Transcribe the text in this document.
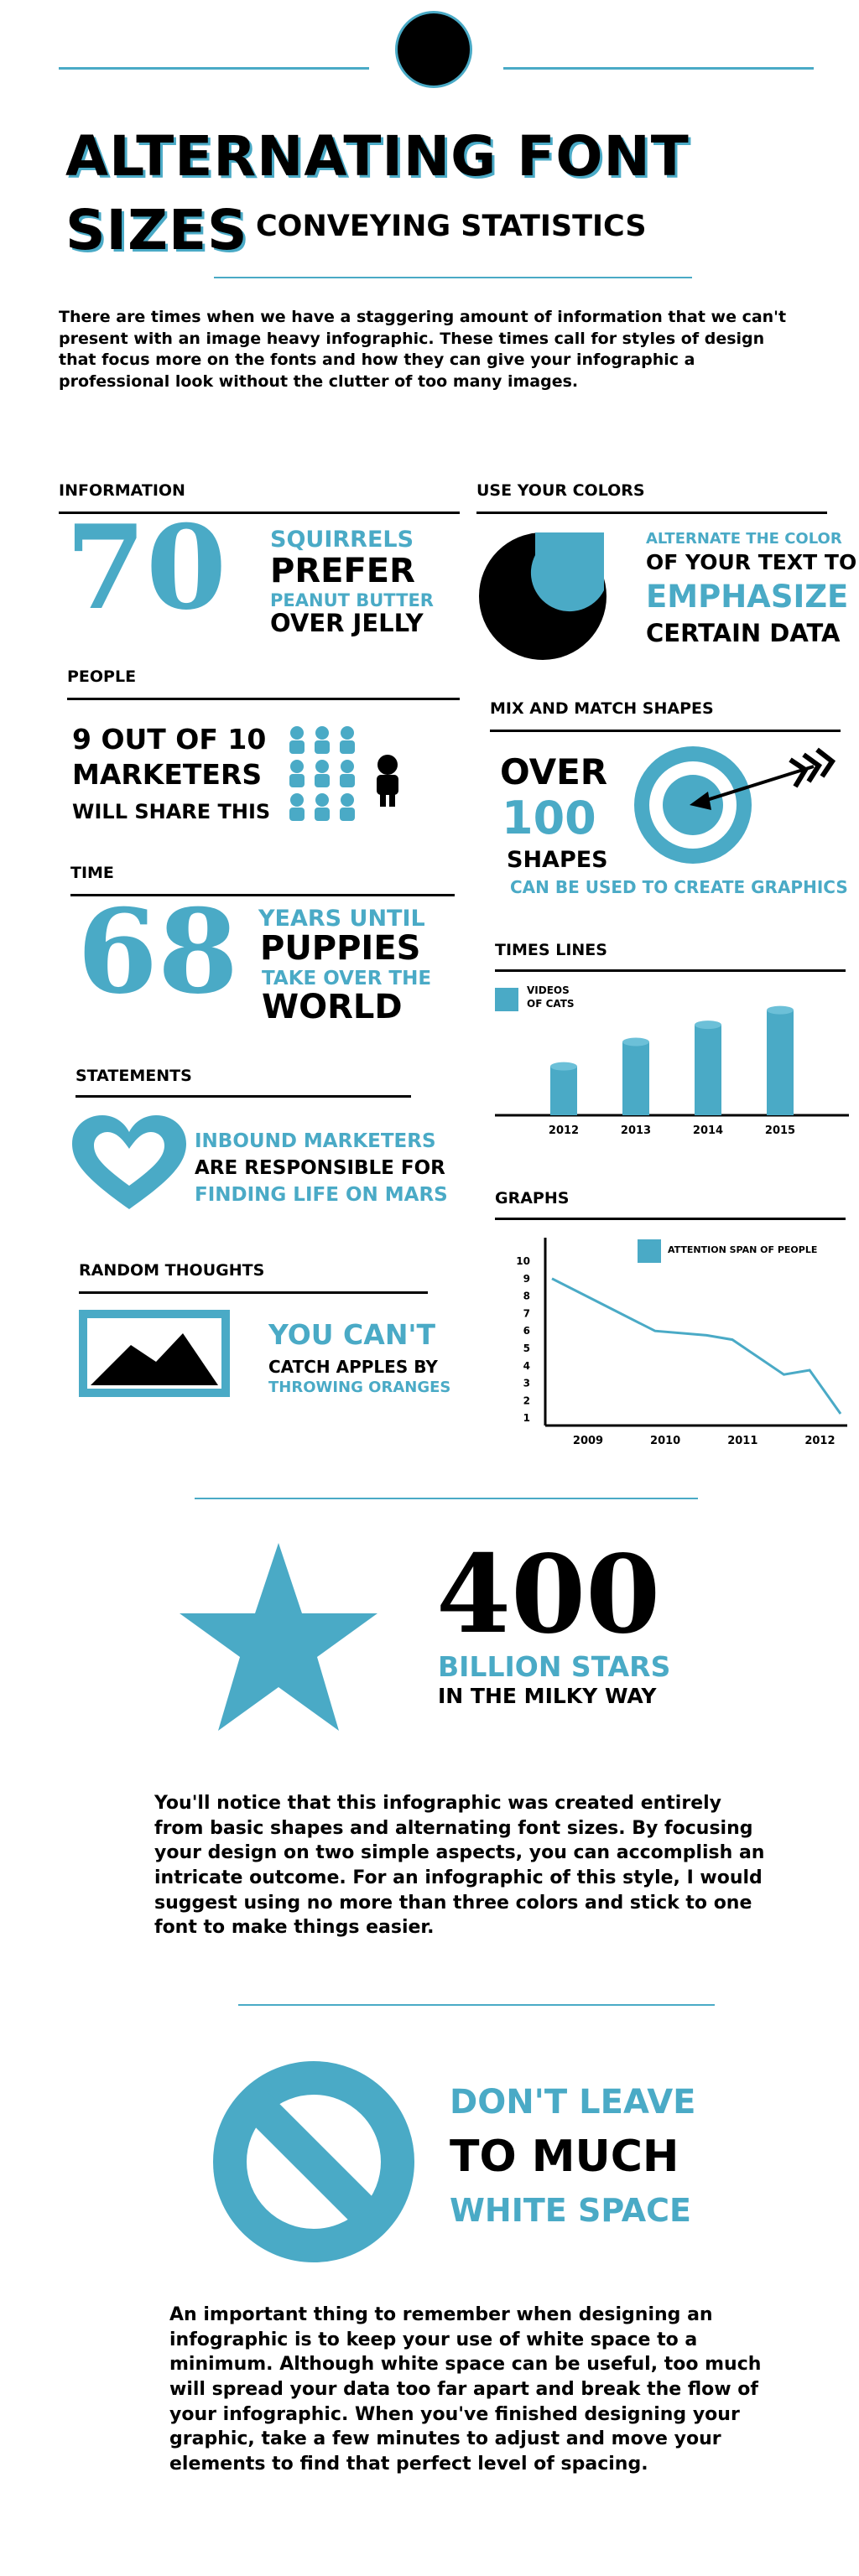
ALTERNATING FONT
SIZES CONVEYING STATISTICS
There are times when we have a staggering amount of information that we can't present with an image heavy infographic. These times call for styles of design that focus more on the fonts and how they can give your infographic a professional look without the clutter of too many images.
INFORMATION
70 SQUIRRELS
PREFER
PEANUT BUTTER
OVER JELLY
PEOPLE
9 OUT OF 10
MARKETERS
WILL SHARE THIS
TIME
68 YEARS UNTIL
PUPPIES
TAKE OVER THE
WORLD
STATEMENTS
INBOUND MARKETERS
ARE RESPONSIBLE FOR
FINDING LIFE ON MARS
RANDOM THOUGHTS
YOU CAN'T
CATCH APPLES BY
THROWING ORANGES
USE YOUR COLORS
ALTERNATE THE COLOR
OF YOUR TEXT TO
EMPHASIZE
CERTAIN DATA
MIX AND MATCH SHAPES
OVER
100
SHAPES
CAN BE USED TO CREATE GRAPHICS
TIMES LINES
VIDEOS
OF CATS
2012	2013	2014	2015
GRAPHS
ATTENTION SPAN OF PEOPLE
1
2
3
4
5
6
7
8
9
10
2009	2010	2011	2012
400
BILLION STARS
IN THE MILKY WAY
You'll notice that this infographic was created entirely from basic shapes and alternating font sizes. By focusing your design on two simple aspects, you can accomplish an intricate outcome. For an infographic of this style, I would suggest using no more than three colors and stick to one font to make things easier.
DON'T LEAVE
TO MUCH
WHITE SPACE
An important thing to remember when designing an infographic is to keep your use of white space to a minimum. Although white space can be useful, too much will spread your data too far apart and break the flow of your infographic. When you've finished designing your graphic, take a few minutes to adjust and move your elements to find that perfect level of spacing.
